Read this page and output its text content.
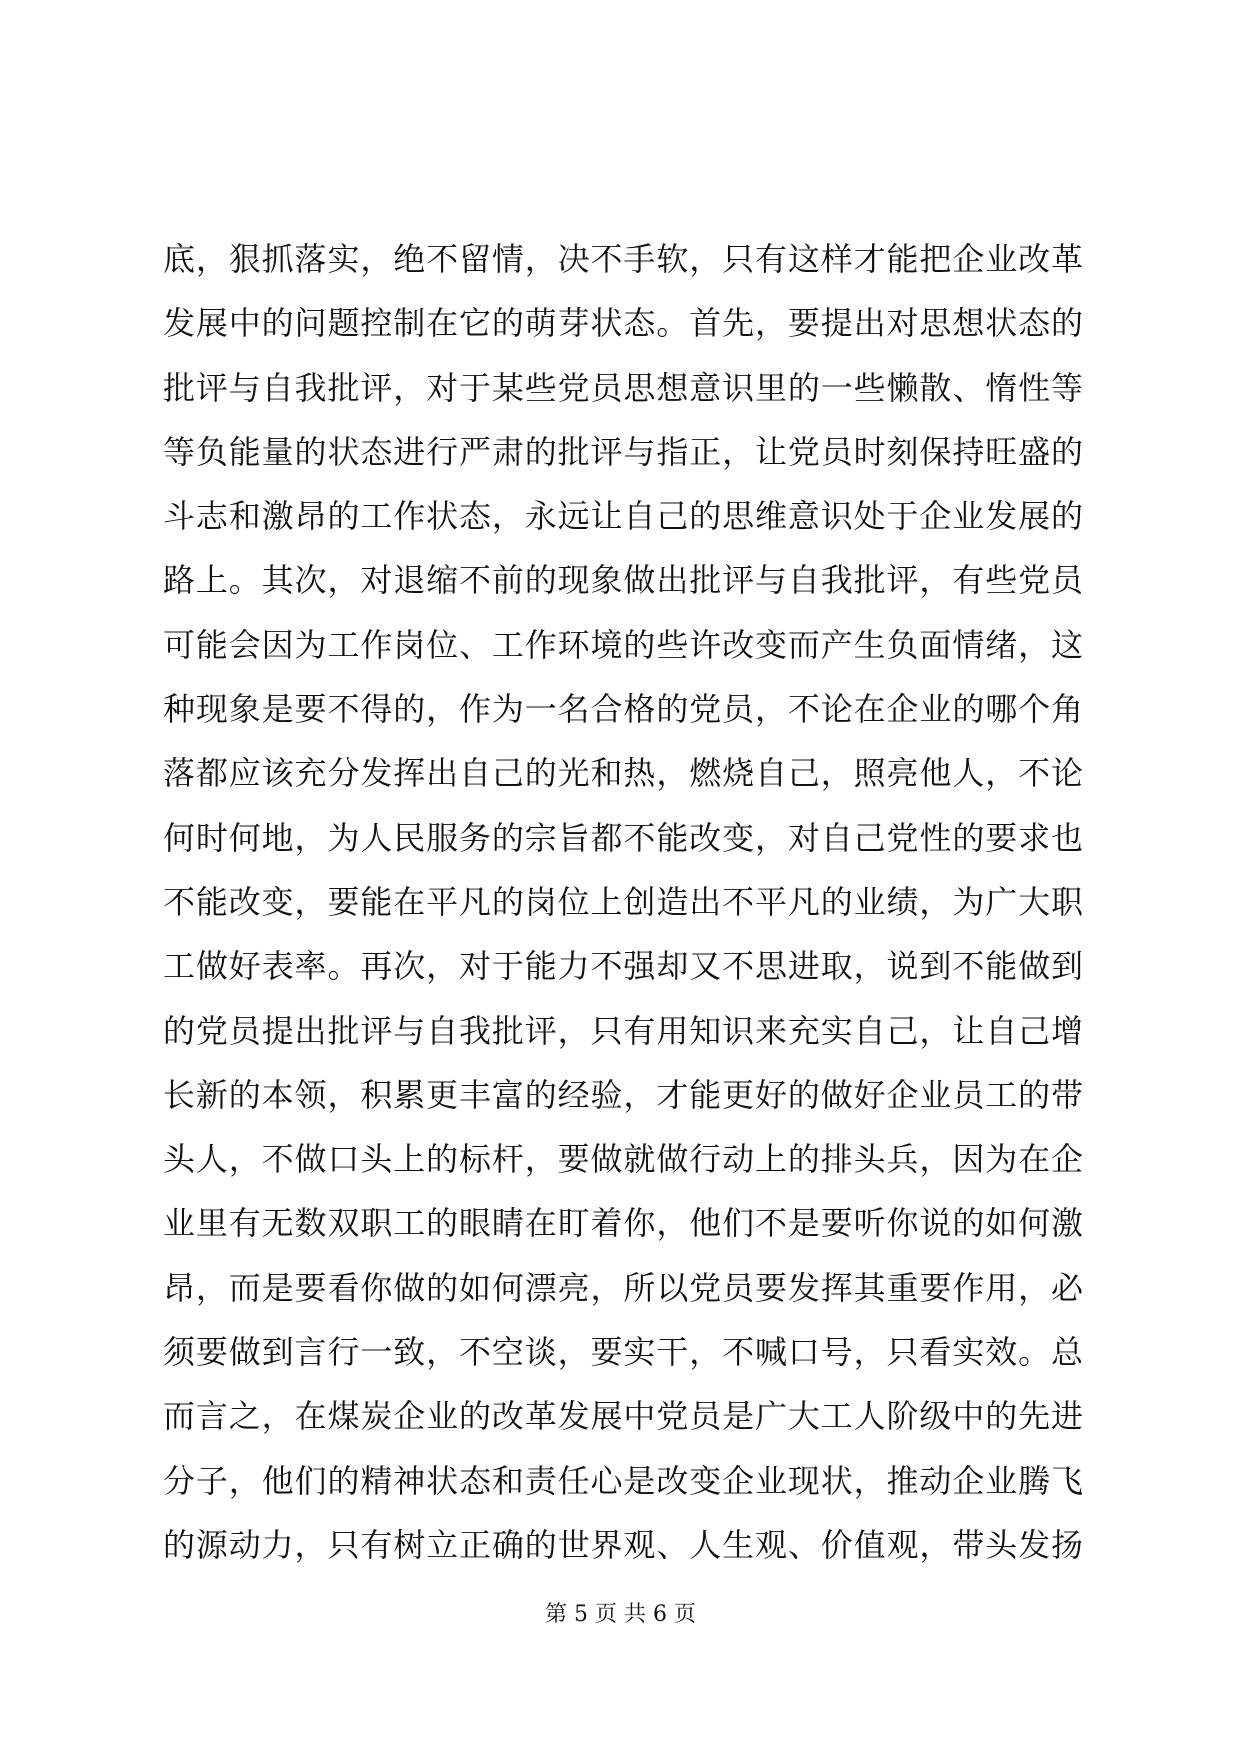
底，狠抓落实，绝不留情，决不手软，只有这样才能把企业改革
发展中的问题控制在它的萌芽状态。首先，要提出对思想状态的
批评与自我批评，对于某些党员思想意识里的一些懒散、惰性等
等负能量的状态进行严肃的批评与指正，让党员时刻保持旺盛的
斗志和激昂的工作状态，永远让自己的思维意识处于企业发展的
路上。其次，对退缩不前的现象做出批评与自我批评，有些党员
可能会因为工作岗位、工作环境的些许改变而产生负面情绪，这
种现象是要不得的，作为一名合格的党员，不论在企业的哪个角
落都应该充分发挥出自己的光和热，燃烧自己，照亮他人，不论
何时何地，为人民服务的宗旨都不能改变，对自己党性的要求也
不能改变，要能在平凡的岗位上创造出不平凡的业绩，为广大职
工做好表率。再次，对于能力不强却又不思进取，说到不能做到
的党员提出批评与自我批评，只有用知识来充实自己，让自己增
长新的本领，积累更丰富的经验，才能更好的做好企业员工的带
头人，不做口头上的标杆，要做就做行动上的排头兵，因为在企
业里有无数双职工的眼睛在盯着你，他们不是要听你说的如何激
昂，而是要看你做的如何漂亮，所以党员要发挥其重要作用，必
须要做到言行一致，不空谈，要实干，不喊口号，只看实效。总
而言之，在煤炭企业的改革发展中党员是广大工人阶级中的先进
分子，他们的精神状态和责任心是改变企业现状，推动企业腾飞
的源动力，只有树立正确的世界观、人生观、价值观，带头发扬
第 5 页 共 6 页
